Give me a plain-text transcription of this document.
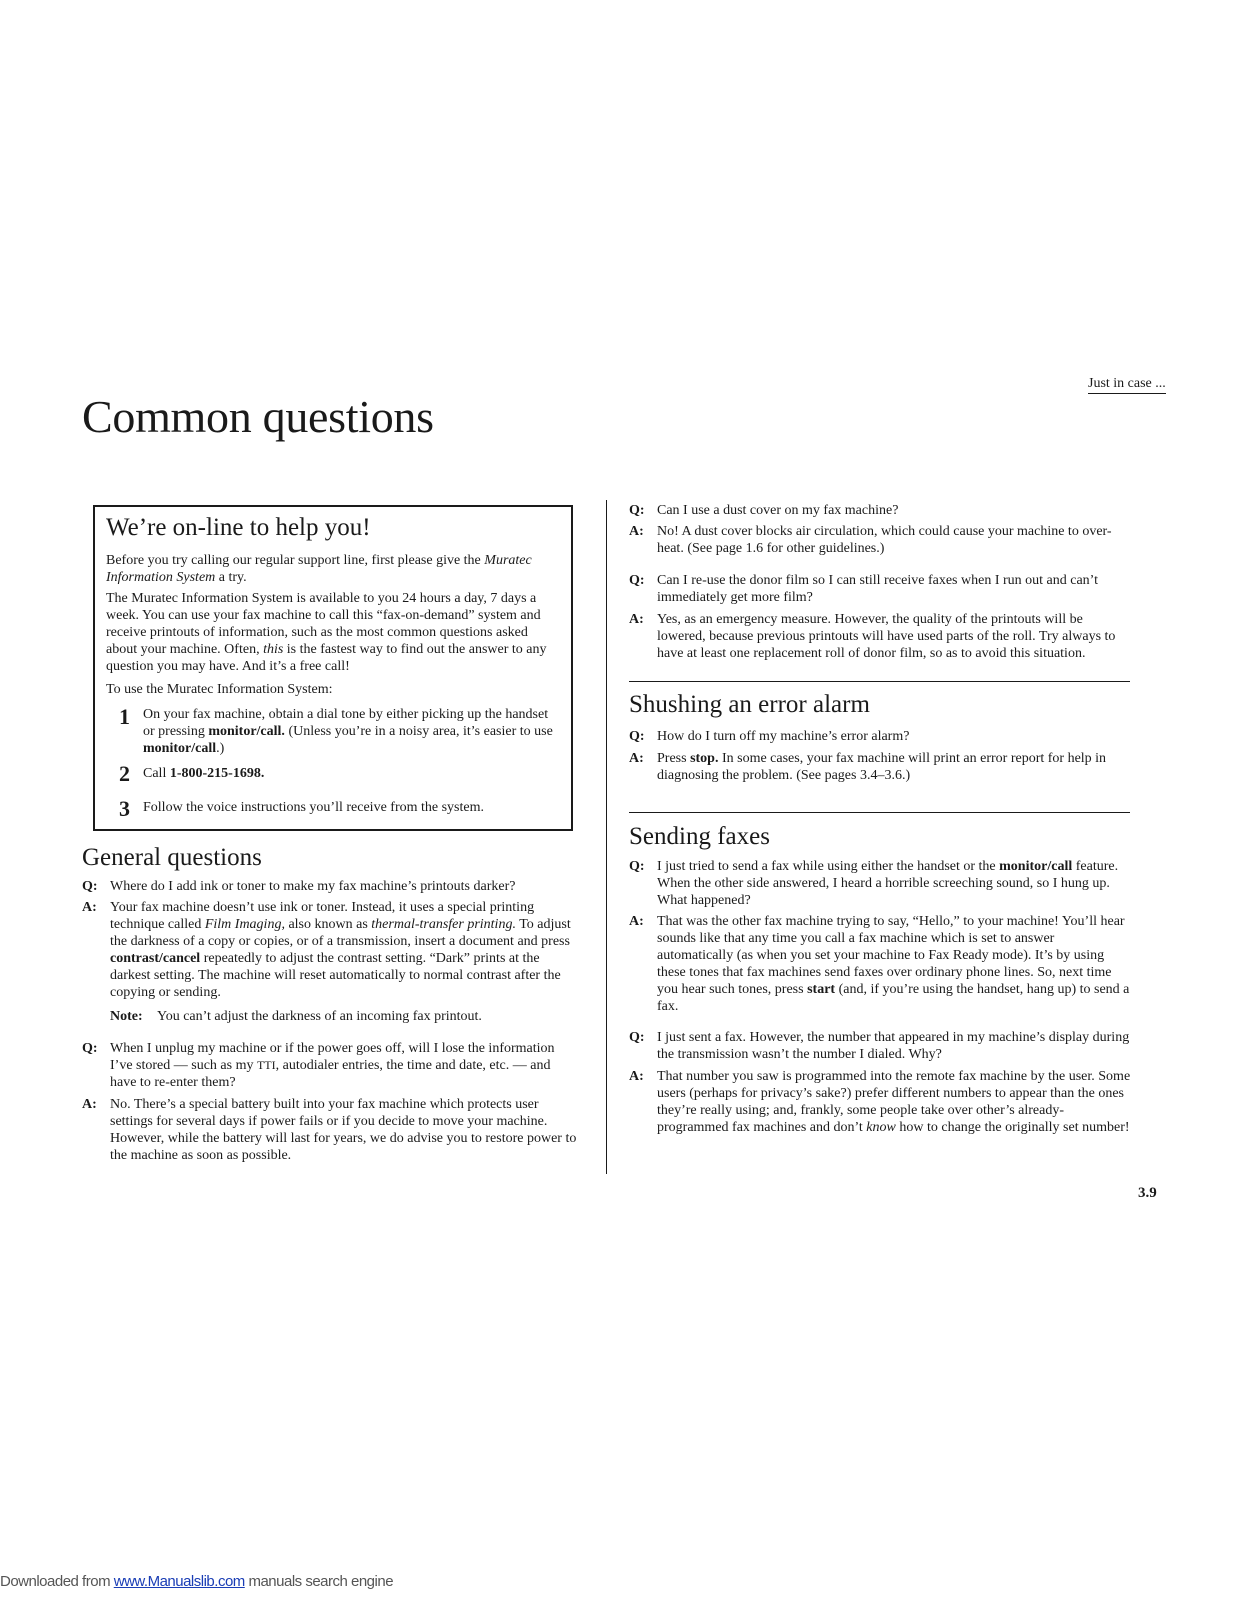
Just in case ...
Common questions
We’re on-line to help you!

Before you try calling our regular support line, first please give the Muratec Information System a try.

The Muratec Information System is available to you 24 hours a day, 7 days a week. You can use your fax machine to call this “fax-on-demand” system and receive printouts of information, such as the most common questions asked about your machine. Often, this is the fastest way to find out the answer to any question you may have. And it’s a free call!

To use the Muratec Information System:

1 On your fax machine, obtain a dial tone by either picking up the handset or pressing monitor/call. (Unless you’re in a noisy area, it’s easier to use monitor/call.)

2 Call 1-800-215-1698.

3 Follow the voice instructions you’ll receive from the system.

General questions
Q: Where do I add ink or toner to make my fax machine’s printouts darker?

A: Your fax machine doesn’t use ink or toner. Instead, it uses a special printing technique called Film Imaging, also known as thermal-transfer printing. To adjust the darkness of a copy or copies, or of a transmission, insert a document and press contrast/cancel repeatedly to adjust the contrast setting. “Dark” prints at the darkest setting. The machine will reset automatically to normal contrast after the copying or sending.

Note: You can’t adjust the darkness of an incoming fax printout.

Q: When I unplug my machine or if the power goes off, will I lose the information I’ve stored — such as my TTI, autodialer entries, the time and date, etc. — and have to re-enter them?

A: No. There’s a special battery built into your fax machine which protects user settings for several days if power fails or if you decide to move your machine. However, while the battery will last for years, we do advise you to restore power to the machine as soon as possible.

Q: Can I use a dust cover on my fax machine?

A: No! A dust cover blocks air circulation, which could cause your machine to over-heat. (See page 1.6 for other guidelines.)

Q: Can I re-use the donor film so I can still receive faxes when I run out and can’t immediately get more film?

A: Yes, as an emergency measure. However, the quality of the printouts will be lowered, because previous printouts will have used parts of the roll. Try always to have at least one replacement roll of donor film, so as to avoid this situation.

Shushing an error alarm
Q: How do I turn off my machine’s error alarm?

A: Press stop. In some cases, your fax machine will print an error report for help in diagnosing the problem. (See pages 3.4–3.6.)

Sending faxes
Q: I just tried to send a fax while using either the handset or the monitor/call feature. When the other side answered, I heard a horrible screeching sound, so I hung up. What happened?

A: That was the other fax machine trying to say, “Hello,” to your machine! You’ll hear sounds like that any time you call a fax machine which is set to answer automatically (as when you set your machine to Fax Ready mode). It’s by using these tones that fax machines send faxes over ordinary phone lines. So, next time you hear such tones, press start (and, if you’re using the handset, hang up) to send a fax.

Q: I just sent a fax. However, the number that appeared in my machine’s display during the transmission wasn’t the number I dialed. Why?

A: That number you saw is programmed into the remote fax machine by the user. Some users (perhaps for privacy’s sake?) prefer different numbers to appear than the ones they’re really using; and, frankly, some people take over other’s already-programmed fax machines and don’t know how to change the originally set number!

3.9
Downloaded from www.Manualslib.com manuals search engine
